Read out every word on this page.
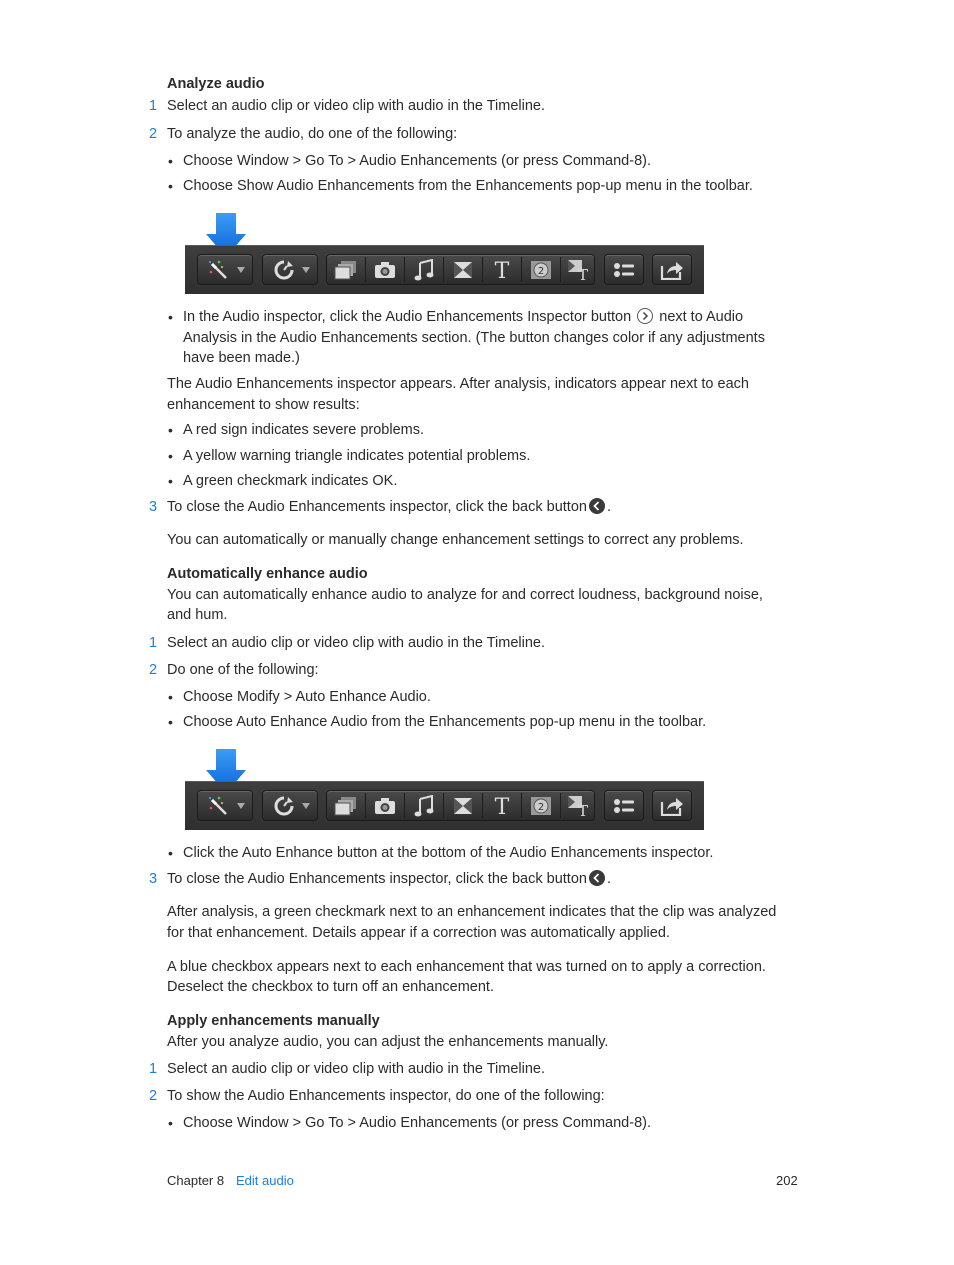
Analyze audio
1 Select an audio clip or video clip with audio in the Timeline.
2 To analyze the audio, do one of the following:
• Choose Window > Go To > Audio Enhancements (or press Command-8).
• Choose Show Audio Enhancements from the Enhancements pop-up menu in the toolbar.
T	2 T
• In the Audio inspector, click the Audio Enhancements Inspector button next to Audio
Analysis in the Audio Enhancements section. (The button changes color if any adjustments
have been made.)
The Audio Enhancements inspector appears. After analysis, indicators appear next to each
enhancement to show results:
• A red sign indicates severe problems.
• A yellow warning triangle indicates potential problems.
• A green checkmark indicates OK.
3 To close the Audio Enhancements inspector, click the back button .
You can automatically or manually change enhancement settings to correct any problems.
Automatically enhance audio
You can automatically enhance audio to analyze for and correct loudness, background noise,
and hum.
1 Select an audio clip or video clip with audio in the Timeline.
2 Do one of the following:
• Choose Modify > Auto Enhance Audio.
• Choose Auto Enhance Audio from the Enhancements pop-up menu in the toolbar.
T	2 T
• Click the Auto Enhance button at the bottom of the Audio Enhancements inspector.
3 To close the Audio Enhancements inspector, click the back button .
After analysis, a green checkmark next to an enhancement indicates that the clip was analyzed
for that enhancement. Details appear if a correction was automatically applied.
A blue checkbox appears next to each enhancement that was turned on to apply a correction.
Deselect the checkbox to turn off an enhancement.
Apply enhancements manually
After you analyze audio, you can adjust the enhancements manually.
1 Select an audio clip or video clip with audio in the Timeline.
2 To show the Audio Enhancements inspector, do one of the following:
• Choose Window > Go To > Audio Enhancements (or press Command-8).
Chapter 8 Edit audio	202
